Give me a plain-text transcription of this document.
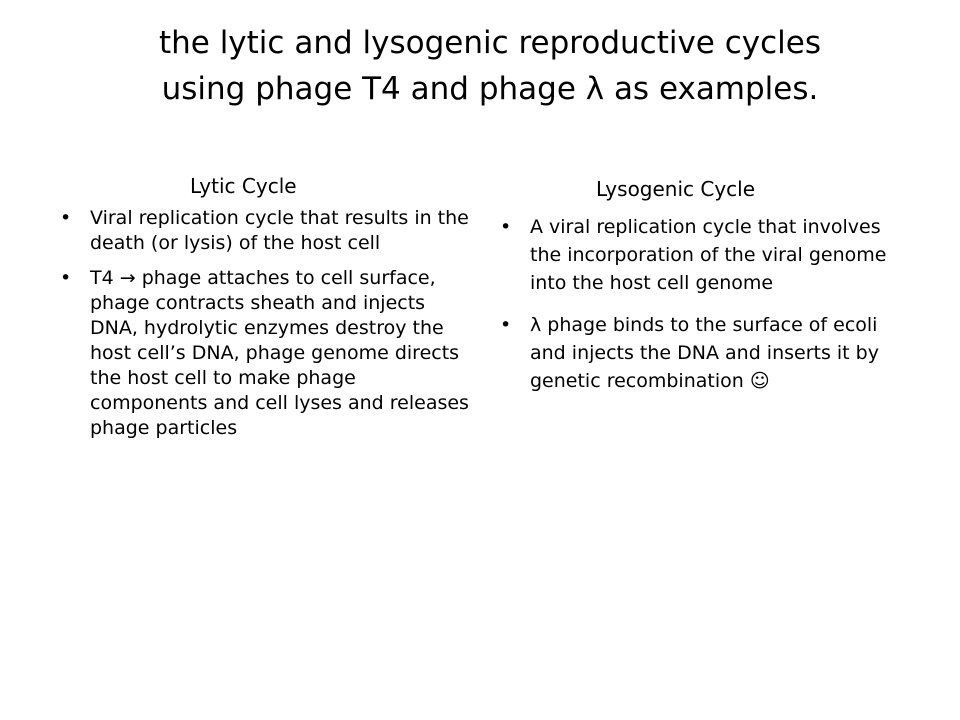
the lytic and lysogenic reproductive cycles
using phage T4 and phage λ as examples.
Lytic Cycle
• Viral replication cycle that results in the death (or lysis) of the host cell
• T4 → phage attaches to cell surface, phage contracts sheath and injects DNA, hydrolytic enzymes destroy the host cell’s DNA, phage genome directs the host cell to make phage components and cell lyses and releases phage particles
Lysogenic Cycle
• A viral replication cycle that involves the incorporation of the viral genome into the host cell genome
• λ phage binds to the surface of ecoli and injects the DNA and inserts it by genetic recombination ☺
